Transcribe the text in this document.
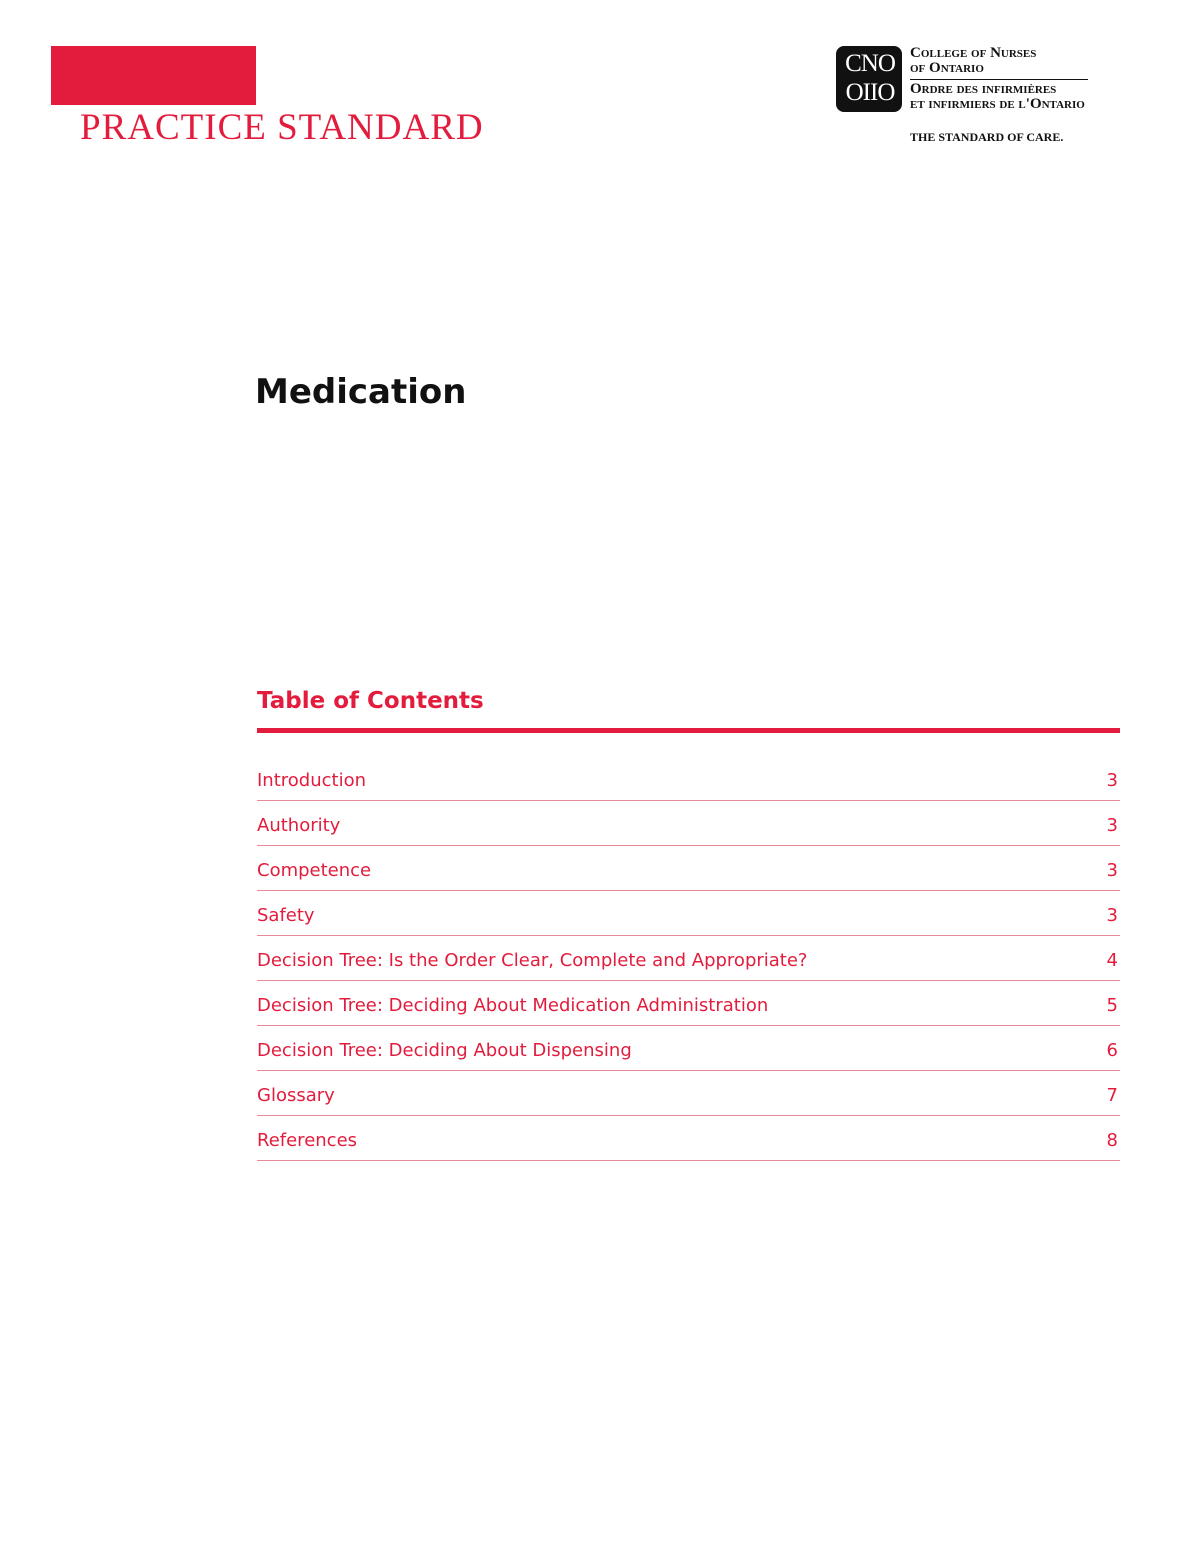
PRACTICE STANDARD
CNO
OIIO
College of Nurses
of Ontario
Ordre des infirmières
et infirmiers de l'Ontario
THE STANDARD OF CARE.
Medication
Table of Contents
Introduction	3
Authority	3
Competence	3
Safety	3
Decision Tree: Is the Order Clear, Complete and Appropriate?	4
Decision Tree: Deciding About Medication Administration	5
Decision Tree: Deciding About Dispensing	6
Glossary	7
References	8
